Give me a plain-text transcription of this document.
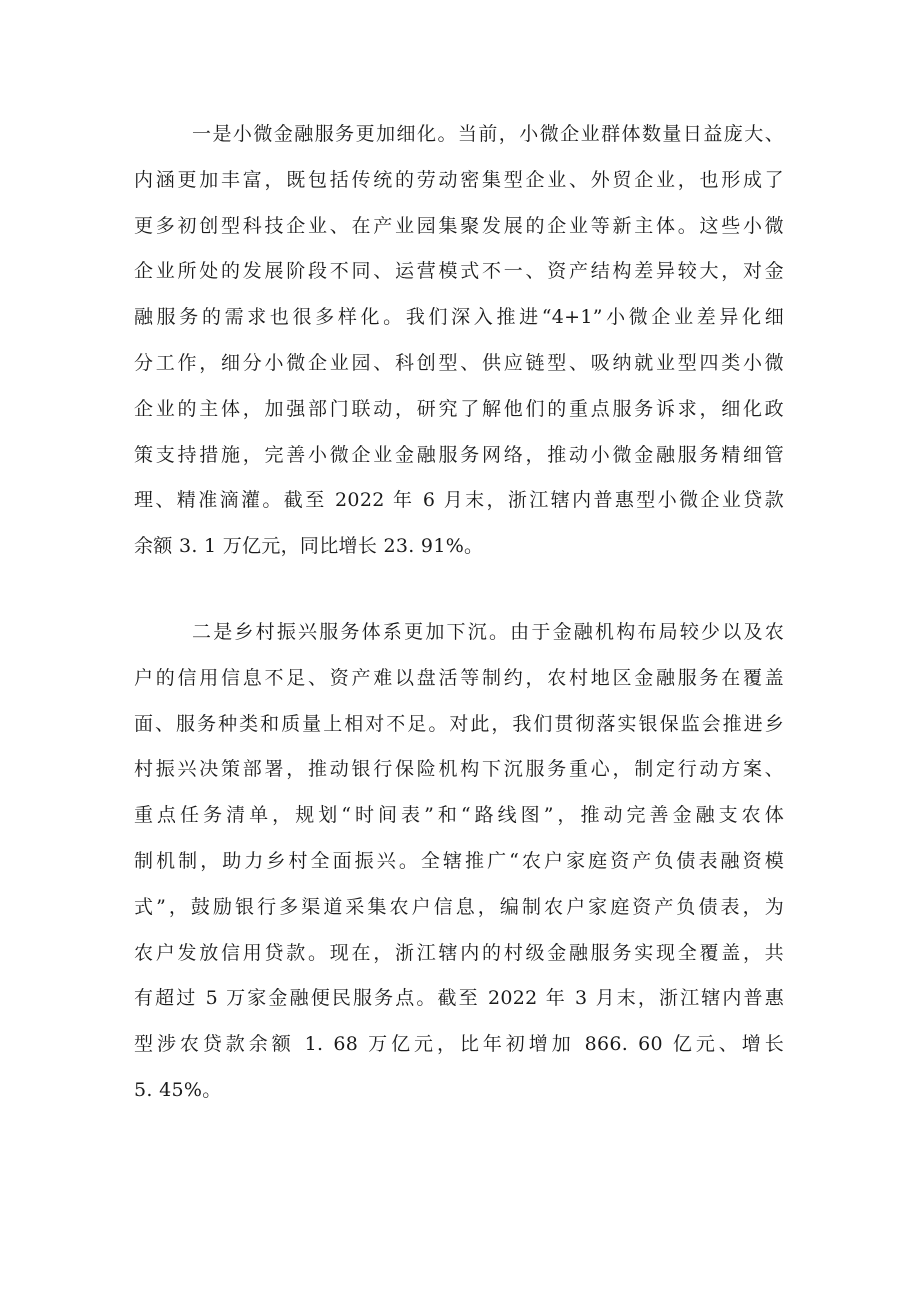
一是小微金融服务更加细化。当前，小微企业群体数量日益庞大、
内涵更加丰富，既包括传统的劳动密集型企业、外贸企业，也形成了
更多初创型科技企业、在产业园集聚发展的企业等新主体。这些小微
企业所处的发展阶段不同、运营模式不一、资产结构差异较大，对金
融服务的需求也很多样化。我们深入推进“4+1”小微企业差异化细
分工作，细分小微企业园、科创型、供应链型、吸纳就业型四类小微
企业的主体，加强部门联动，研究了解他们的重点服务诉求，细化政
策支持措施，完善小微企业金融服务网络，推动小微金融服务精细管
理、精准滴灌。截至 2022 年 6 月末，浙江辖内普惠型小微企业贷款
余额 3. 1 万亿元，同比增长 23. 91%。
二是乡村振兴服务体系更加下沉。由于金融机构布局较少以及农
户的信用信息不足、资产难以盘活等制约，农村地区金融服务在覆盖
面、服务种类和质量上相对不足。对此，我们贯彻落实银保监会推进乡
村振兴决策部署，推动银行保险机构下沉服务重心，制定行动方案、
重点任务清单，规划“时间表”和“路线图”，推动完善金融支农体
制机制，助力乡村全面振兴。全辖推广“农户家庭资产负债表融资模
式”，鼓励银行多渠道采集农户信息，编制农户家庭资产负债表，为
农户发放信用贷款。现在，浙江辖内的村级金融服务实现全覆盖，共
有超过 5 万家金融便民服务点。截至 2022 年 3 月末，浙江辖内普惠
型涉农贷款余额 1. 68 万亿元，比年初增加 866. 60 亿元、增长
5. 45%。
